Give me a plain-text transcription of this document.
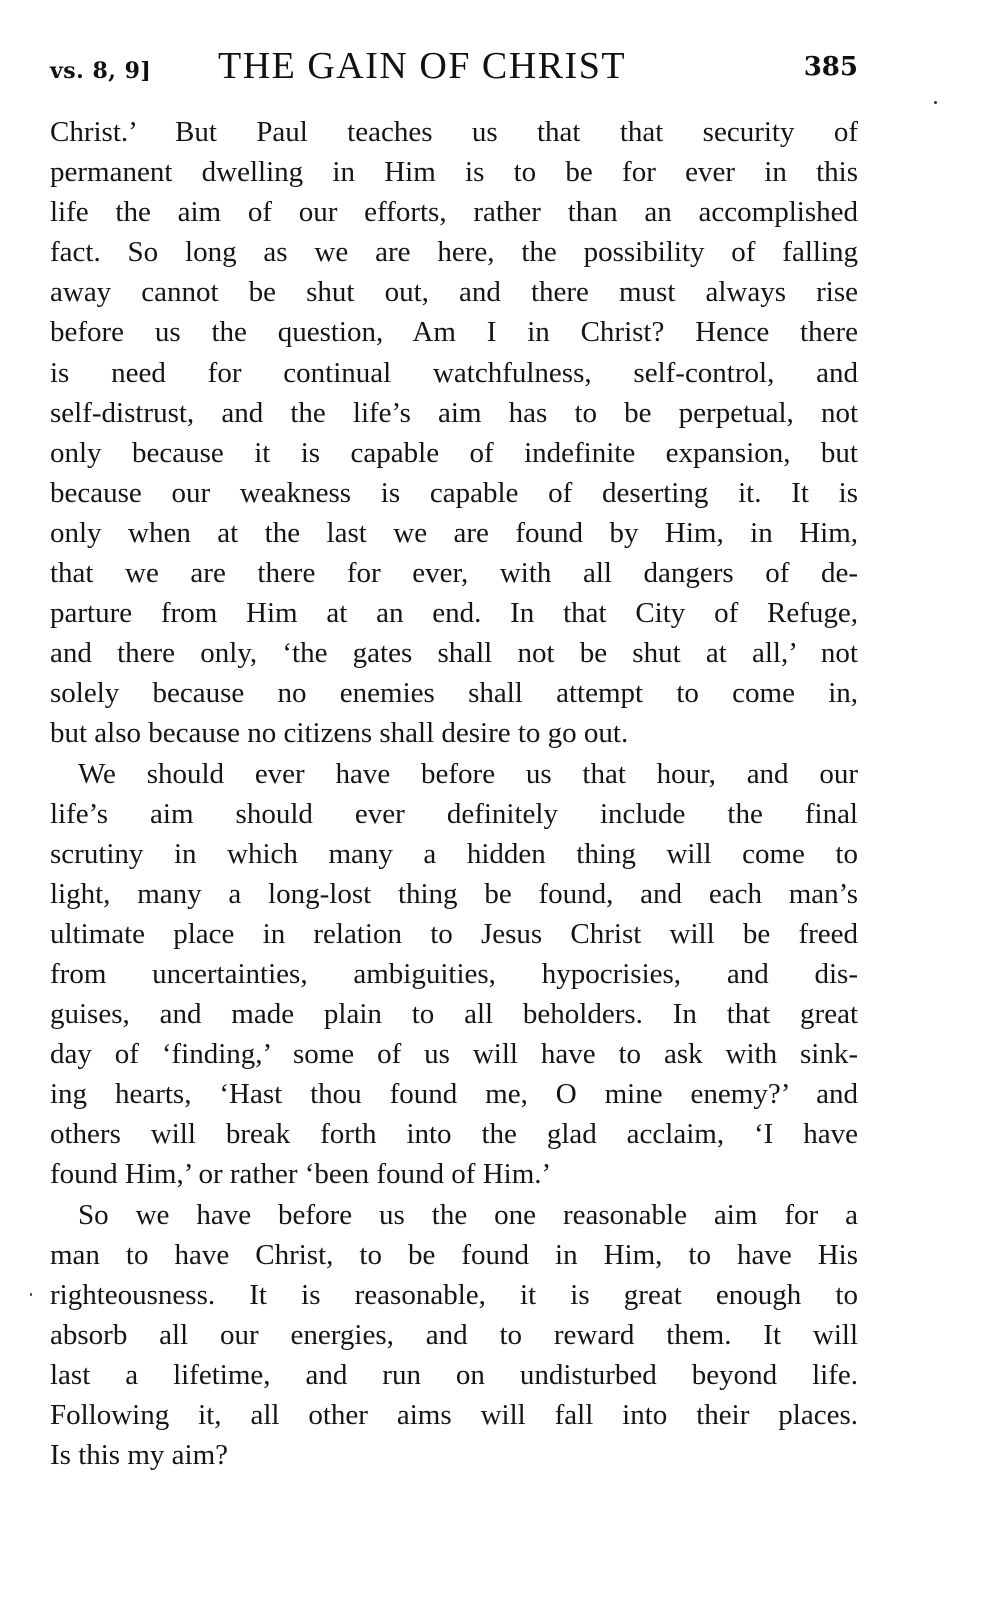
vs. 8, 9] THE GAIN OF CHRIST	385
Christ.’ But Paul teaches us that that security of
permanent dwelling in Him is to be for ever in this
life the aim of our efforts, rather than an accomplished
fact. So long as we are here, the possibility of falling
away cannot be shut out, and there must always rise
before us the question, Am I in Christ? Hence there
is need for continual watchfulness, self-control, and
self-distrust, and the life’s aim has to be perpetual, not
only because it is capable of indefinite expansion, but
because our weakness is capable of deserting it. It is
only when at the last we are found by Him, in Him,
that we are there for ever, with all dangers of de-
parture from Him at an end. In that City of Refuge,
and there only, ‘the gates shall not be shut at all,’ not
solely because no enemies shall attempt to come in,
but also because no citizens shall desire to go out.
We should ever have before us that hour, and our
life’s aim should ever definitely include the final
scrutiny in which many a hidden thing will come to
light, many a long-lost thing be found, and each man’s
ultimate place in relation to Jesus Christ will be freed
from uncertainties, ambiguities, hypocrisies, and dis-
guises, and made plain to all beholders. In that great
day of ‘finding,’ some of us will have to ask with sink-
ing hearts, ‘Hast thou found me, O mine enemy?’ and
others will break forth into the glad acclaim, ‘I have
found Him,’ or rather ‘been found of Him.’
So we have before us the one reasonable aim for a
man to have Christ, to be found in Him, to have His
righteousness. It is reasonable, it is great enough to
absorb all our energies, and to reward them. It will
last a lifetime, and run on undisturbed beyond life.
Following it, all other aims will fall into their places.
Is this my aim?
